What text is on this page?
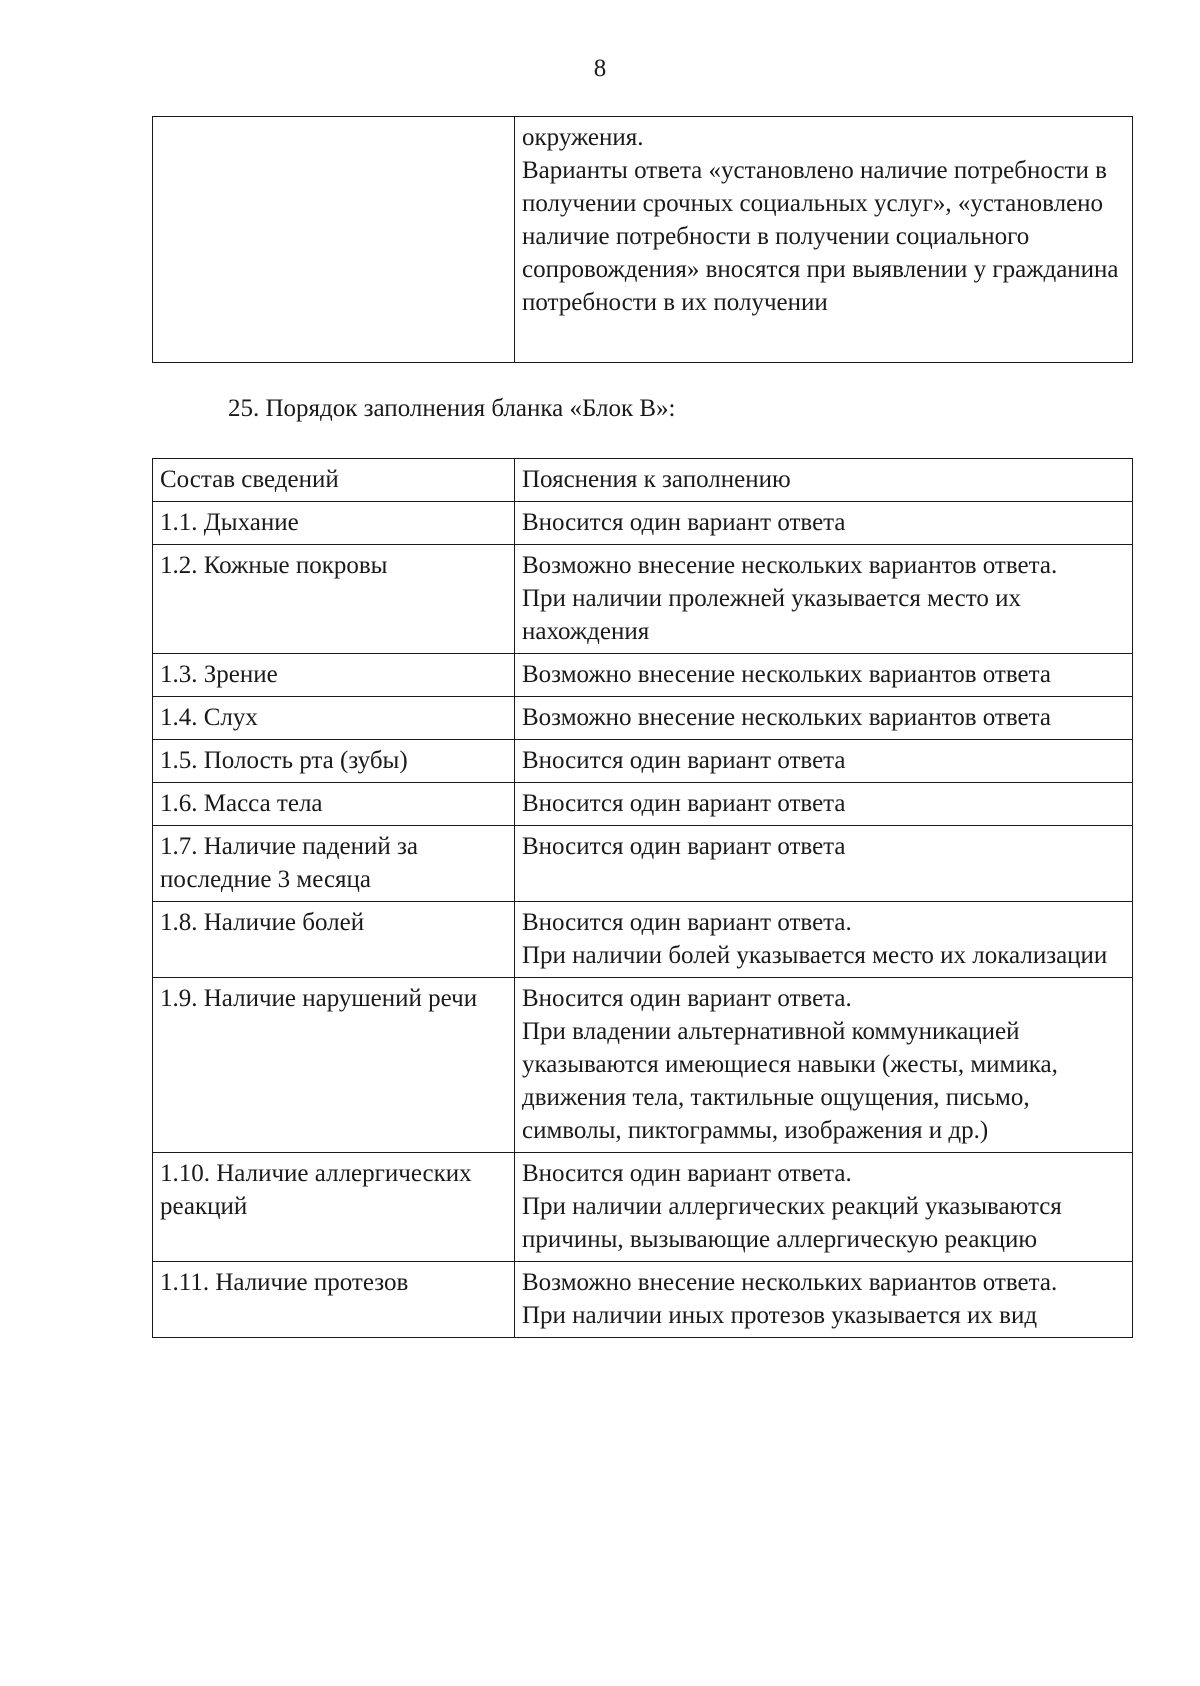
8
	окружения.
Варианты ответа «установлено наличие потребности в получении срочных социальных услуг», «установлено наличие потребности в получении социального сопровождения» вносятся при выявлении у гражданина потребности в их получении
25. Порядок заполнения бланка «Блок В»:
Состав сведений	Пояснения к заполнению
1.1. Дыхание	Вносится один вариант ответа
1.2. Кожные покровы	Возможно внесение нескольких вариантов ответа.
При наличии пролежней указывается место их нахождения
1.3. Зрение	Возможно внесение нескольких вариантов ответа
1.4. Слух	Возможно внесение нескольких вариантов ответа
1.5. Полость рта (зубы)	Вносится один вариант ответа
1.6. Масса тела	Вносится один вариант ответа
1.7. Наличие падений за последние 3 месяца	Вносится один вариант ответа
1.8. Наличие болей	Вносится один вариант ответа.
При наличии болей указывается место их локализации
1.9. Наличие нарушений речи	Вносится один вариант ответа.
При владении альтернативной коммуникацией указываются имеющиеся навыки (жесты, мимика, движения тела, тактильные ощущения, письмо, символы, пиктограммы, изображения и др.)
1.10. Наличие аллергических реакций	Вносится один вариант ответа.
При наличии аллергических реакций указываются причины, вызывающие аллергическую реакцию
1.11. Наличие протезов	Возможно внесение нескольких вариантов ответа.
При наличии иных протезов указывается их вид
